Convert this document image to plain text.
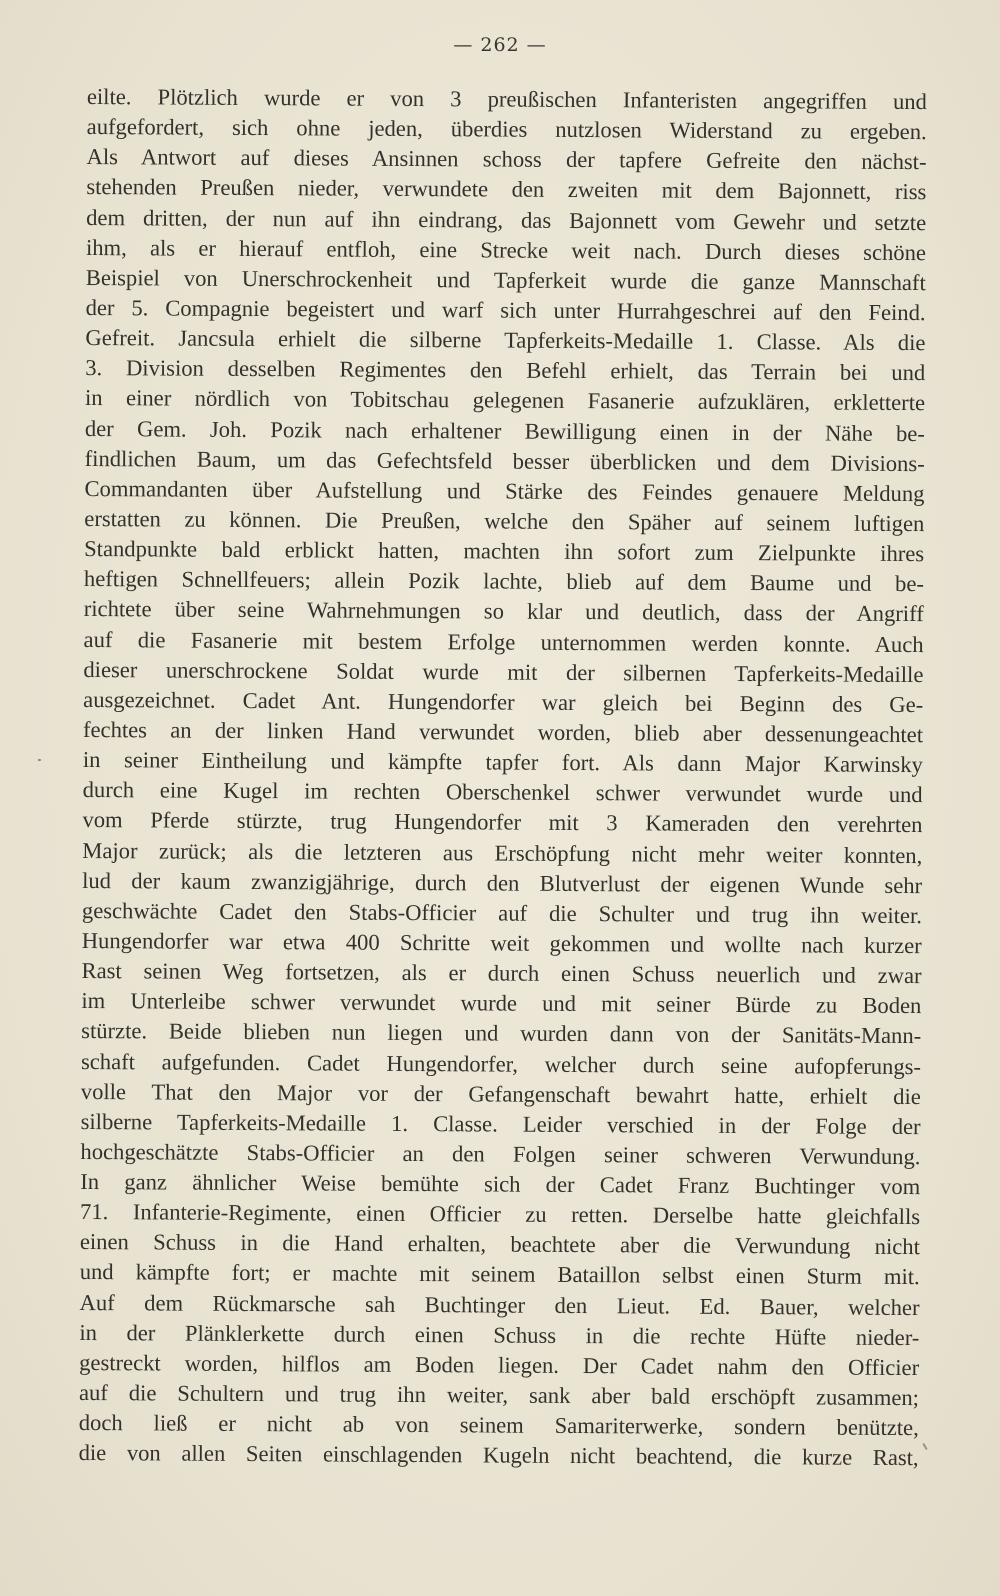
— 262 —
eilte. Plötzlich wurde er von 3 preußischen Infanteristen angegriffen und
aufgefordert, sich ohne jeden, überdies nutzlosen Widerstand zu ergeben.
Als Antwort auf dieses Ansinnen schoss der tapfere Gefreite den nächst-
stehenden Preußen nieder, verwundete den zweiten mit dem Bajonnett, riss
dem dritten, der nun auf ihn eindrang, das Bajonnett vom Gewehr und setzte
ihm, als er hierauf entfloh, eine Strecke weit nach. Durch dieses schöne
Beispiel von Unerschrockenheit und Tapferkeit wurde die ganze Mannschaft
der 5. Compagnie begeistert und warf sich unter Hurrahgeschrei auf den Feind.
Gefreit. Jancsula erhielt die silberne Tapferkeits-Medaille 1. Classe. Als die
3. Division desselben Regimentes den Befehl erhielt, das Terrain bei und
in einer nördlich von Tobitschau gelegenen Fasanerie aufzuklären, erkletterte
der Gem. Joh. Pozik nach erhaltener Bewilligung einen in der Nähe be-
findlichen Baum, um das Gefechtsfeld besser überblicken und dem Divisions-
Commandanten über Aufstellung und Stärke des Feindes genauere Meldung
erstatten zu können. Die Preußen, welche den Späher auf seinem luftigen
Standpunkte bald erblickt hatten, machten ihn sofort zum Zielpunkte ihres
heftigen Schnellfeuers; allein Pozik lachte, blieb auf dem Baume und be-
richtete über seine Wahrnehmungen so klar und deutlich, dass der Angriff
auf die Fasanerie mit bestem Erfolge unternommen werden konnte. Auch
dieser unerschrockene Soldat wurde mit der silbernen Tapferkeits-Medaille
ausgezeichnet. Cadet Ant. Hungendorfer war gleich bei Beginn des Ge-
fechtes an der linken Hand verwundet worden, blieb aber dessenungeachtet
in seiner Eintheilung und kämpfte tapfer fort. Als dann Major Karwinsky
durch eine Kugel im rechten Oberschenkel schwer verwundet wurde und
vom Pferde stürzte, trug Hungendorfer mit 3 Kameraden den verehrten
Major zurück; als die letzteren aus Erschöpfung nicht mehr weiter konnten,
lud der kaum zwanzigjährige, durch den Blutverlust der eigenen Wunde sehr
geschwächte Cadet den Stabs-Officier auf die Schulter und trug ihn weiter.
Hungendorfer war etwa 400 Schritte weit gekommen und wollte nach kurzer
Rast seinen Weg fortsetzen, als er durch einen Schuss neuerlich und zwar
im Unterleibe schwer verwundet wurde und mit seiner Bürde zu Boden
stürzte. Beide blieben nun liegen und wurden dann von der Sanitäts-Mann-
schaft aufgefunden. Cadet Hungendorfer, welcher durch seine aufopferungs-
volle That den Major vor der Gefangenschaft bewahrt hatte, erhielt die
silberne Tapferkeits-Medaille 1. Classe. Leider verschied in der Folge der
hochgeschätzte Stabs-Officier an den Folgen seiner schweren Verwundung.
In ganz ähnlicher Weise bemühte sich der Cadet Franz Buchtinger vom
71. Infanterie-Regimente, einen Officier zu retten. Derselbe hatte gleichfalls
einen Schuss in die Hand erhalten, beachtete aber die Verwundung nicht
und kämpfte fort; er machte mit seinem Bataillon selbst einen Sturm mit.
Auf dem Rückmarsche sah Buchtinger den Lieut. Ed. Bauer, welcher
in der Plänklerkette durch einen Schuss in die rechte Hüfte nieder-
gestreckt worden, hilflos am Boden liegen. Der Cadet nahm den Officier
auf die Schultern und trug ihn weiter, sank aber bald erschöpft zusammen;
doch ließ er nicht ab von seinem Samariterwerke, sondern benützte,
die von allen Seiten einschlagenden Kugeln nicht beachtend, die kurze Rast,
